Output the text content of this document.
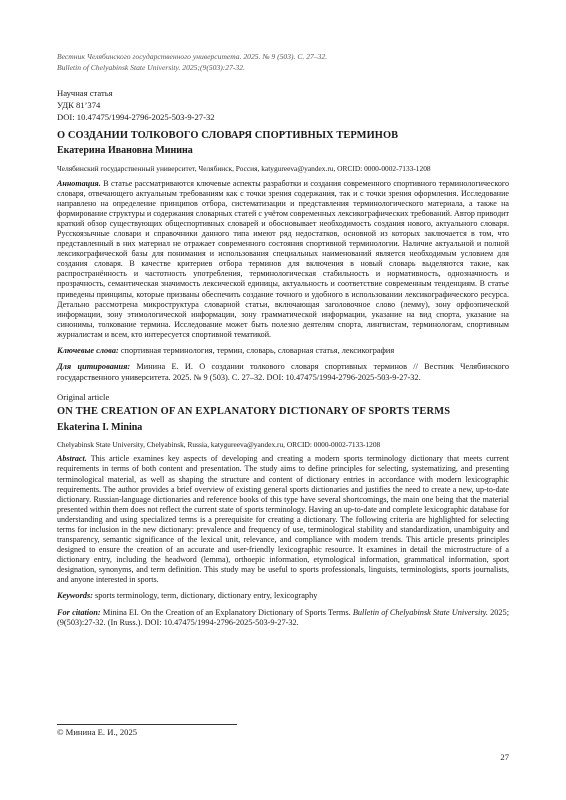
Вестник Челябинского государственного университета. 2025. № 9 (503). С. 27–32.
Bulletin of Chelyabinsk State University. 2025;(9(503):27-32.
Научная статья
УДК 81’374
DOI: 10.47475/1994-2796-2025-503-9-27-32
О СОЗДАНИИ ТОЛКОВОГО СЛОВАРЯ СПОРТИВНЫХ ТЕРМИНОВ
Екатерина Ивановна Минина
Челябинский государственный университет, Челябинск, Россия, katygureeva@yandex.ru, ORCID: 0000-0002-7133-1208
Аннотация. В статье рассматриваются ключевые аспекты разработки и создания современного спортивного терминологического словаря, отвечающего актуальным требованиям как с точки зрения содержания, так и с точки зрения оформления. Исследование направлено на определение принципов отбора, систематизации и представления терминологического материала, а также на формирование структуры и содержания словарных статей с учётом современных лексикографических требований. Автор приводит краткий обзор существующих общеспортивных словарей и обосновывает необходимость создания нового, актуального словаря. Русскоязычные словари и справочники данного типа имеют ряд недостатков, основной из которых заключается в том, что представленный в них материал не отражает современного состояния спортивной терминологии. Наличие актуальной и полной лексикографической базы для понимания и использования специальных наименований является необходимым условием для создания словаря. В качестве критериев отбора терминов для включения в новый словарь выделяются такие, как распространённость и частотность употребления, терминологическая стабильность и нормативность, однозначность и прозрачность, семантическая значимость лексической единицы, актуальность и соответствие современным тенденциям. В статье приведены принципы, которые призваны обеспечить создание точного и удобного в использовании лексикографического ресурса. Детально рассмотрена микроструктура словарной статьи, включающая заголовочное слово (лемму), зону орфоэпической информации, зону этимологической информации, зону грамматической информации, указание на вид спорта, указание на синонимы, толкование термина. Исследование может быть полезно деятелям спорта, лингвистам, терминологам, спортивным журналистам и всем, кто интересуется спортивной тематикой.
Ключевые слова: спортивная терминология, термин, словарь, словарная статья, лексикография
Для цитирования: Минина Е. И. О создании толкового словаря спортивных терминов // Вестник Челябинского государственного университета. 2025. № 9 (503). С. 27–32. DOI: 10.47475/1994-2796-2025-503-9-27-32.
Original article
ON THE CREATION OF AN EXPLANATORY DICTIONARY OF SPORTS TERMS
Ekaterina I. Minina
Chelyabinsk State University, Chelyabinsk, Russia, katygureeva@yandex.ru, ORCID: 0000-0002-7133-1208
Abstract. This article examines key aspects of developing and creating a modern sports terminology dictionary that meets current requirements in terms of both content and presentation. The study aims to define principles for selecting, systematizing, and presenting terminological material, as well as shaping the structure and content of dictionary entries in accordance with modern lexicographic requirements. The author provides a brief overview of existing general sports dictionaries and justifies the need to create a new, up-to-date dictionary. Russian-language dictionaries and reference books of this type have several shortcomings, the main one being that the material presented within them does not reflect the current state of sports terminology. Having an up-to-date and complete lexicographic database for understanding and using specialized terms is a prerequisite for creating a dictionary. The following criteria are highlighted for selecting terms for inclusion in the new dictionary: prevalence and frequency of use, terminological stability and standardization, unambiguity and transparency, semantic significance of the lexical unit, relevance, and compliance with modern trends. This article presents principles designed to ensure the creation of an accurate and user-friendly lexicographic resource. It examines in detail the microstructure of a dictionary entry, including the headword (lemma), orthoepic information, etymological information, grammatical information, sport designation, synonyms, and term definition. This study may be useful to sports professionals, linguists, terminologists, sports journalists, and anyone interested in sports.
Keywords: sports terminology, term, dictionary, dictionary entry, lexicography
For citation: Minina EI. On the Creation of an Explanatory Dictionary of Sports Terms. Bulletin of Chelyabinsk State University. 2025;(9(503):27-32. (In Russ.). DOI: 10.47475/1994-2796-2025-503-9-27-32.
© Минина Е. И., 2025
27
